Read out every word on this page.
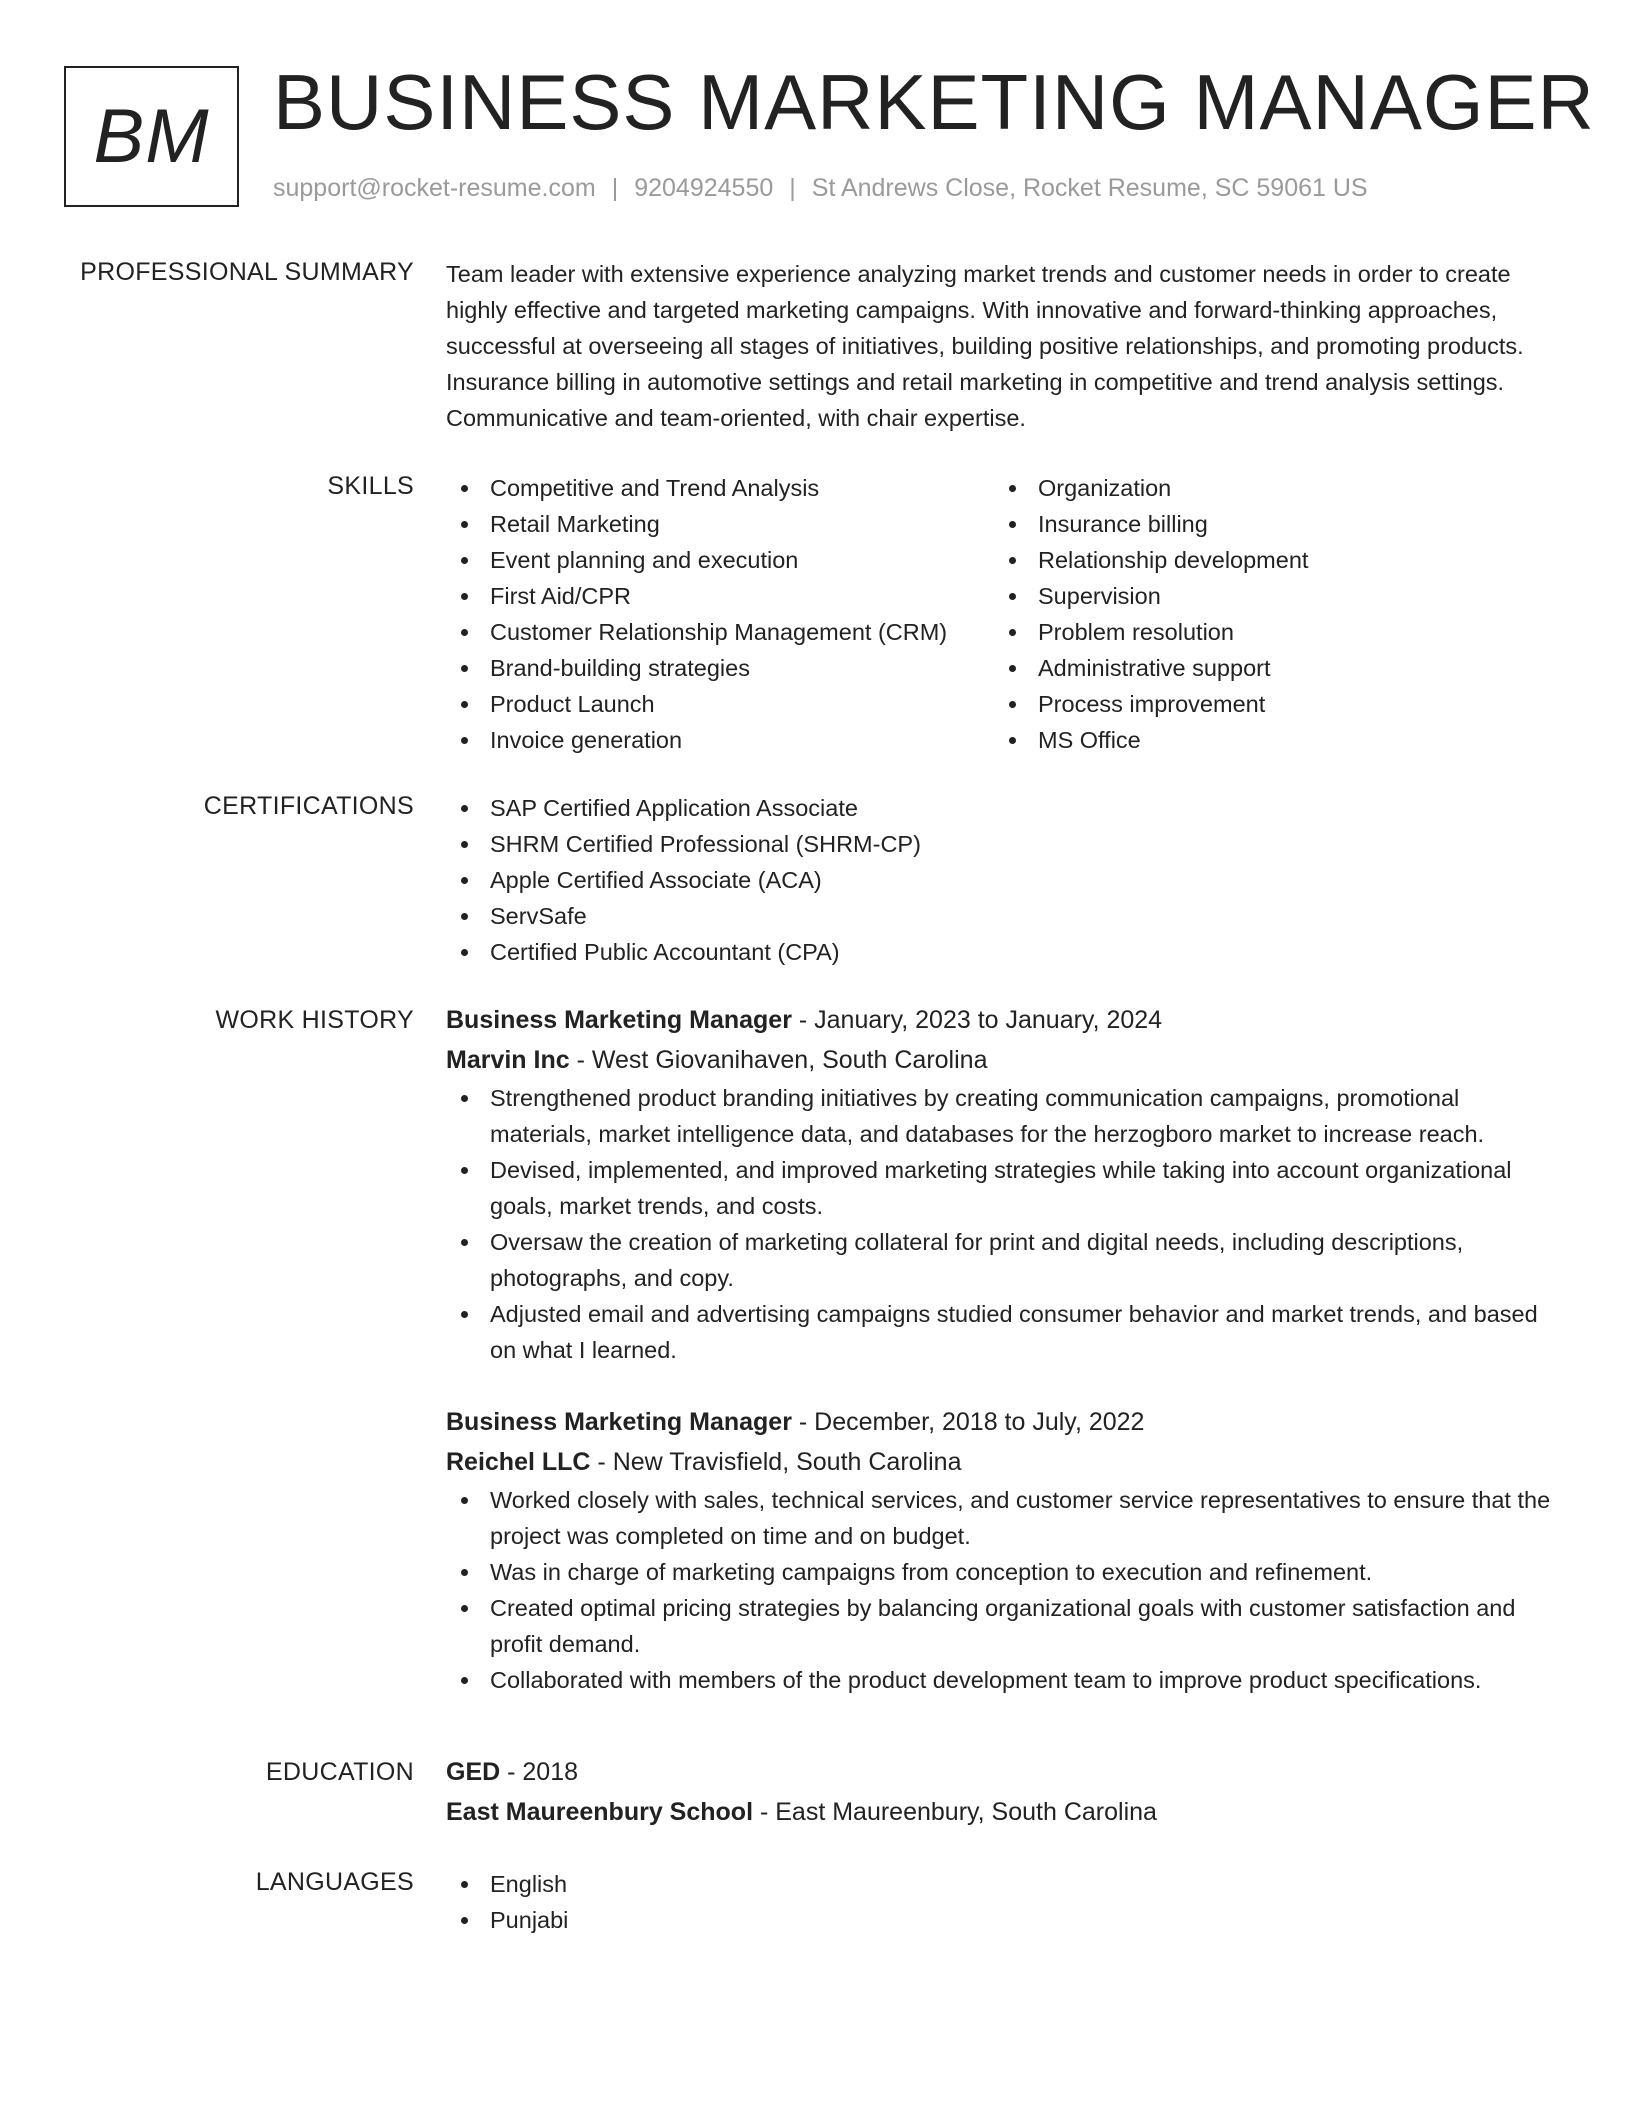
BM BUSINESS MARKETING MANAGER
support@rocket-resume.com | 9204924550 | St Andrews Close, Rocket Resume, SC 59061 US
PROFESSIONAL SUMMARY Team leader with extensive experience analyzing market trends and customer needs in order to create highly effective and targeted marketing campaigns. With innovative and forward-thinking approaches, successful at overseeing all stages of initiatives, building positive relationships, and promoting products. Insurance billing in automotive settings and retail marketing in competitive and trend analysis settings. Communicative and team-oriented, with chair expertise.

SKILLS	Competitive and Trend Analysis
Retail Marketing
Event planning and execution
First Aid/CPR
Customer Relationship Management (CRM)
Brand-building strategies
Product Launch
Invoice generation
Organization
Insurance billing
Relationship development
Supervision
Problem resolution
Administrative support
Process improvement
MS Office
CERTIFICATIONS	SAP Certified Application Associate
SHRM Certified Professional (SHRM-CP)
Apple Certified Associate (ACA)
ServSafe
Certified Public Accountant (CPA)
WORK HISTORY Business Marketing Manager - January, 2023 to January, 2024
Marvin Inc - West Giovanihaven, South Carolina
Strengthened product branding initiatives by creating communication campaigns, promotional materials, market intelligence data, and databases for the herzogboro market to increase reach.
Devised, implemented, and improved marketing strategies while taking into account organizational goals, market trends, and costs.
Oversaw the creation of marketing collateral for print and digital needs, including descriptions, photographs, and copy.
Adjusted email and advertising campaigns studied consumer behavior and market trends, and based on what I learned.
Business Marketing Manager - December, 2018 to July, 2022
Reichel LLC - New Travisfield, South Carolina
Worked closely with sales, technical services, and customer service representatives to ensure that the project was completed on time and on budget.
Was in charge of marketing campaigns from conception to execution and refinement.
Created optimal pricing strategies by balancing organizational goals with customer satisfaction and profit demand.
Collaborated with members of the product development team to improve product specifications.
EDUCATION GED - 2018
East Maureenbury School - East Maureenbury, South Carolina
LANGUAGES	English
Punjabi
